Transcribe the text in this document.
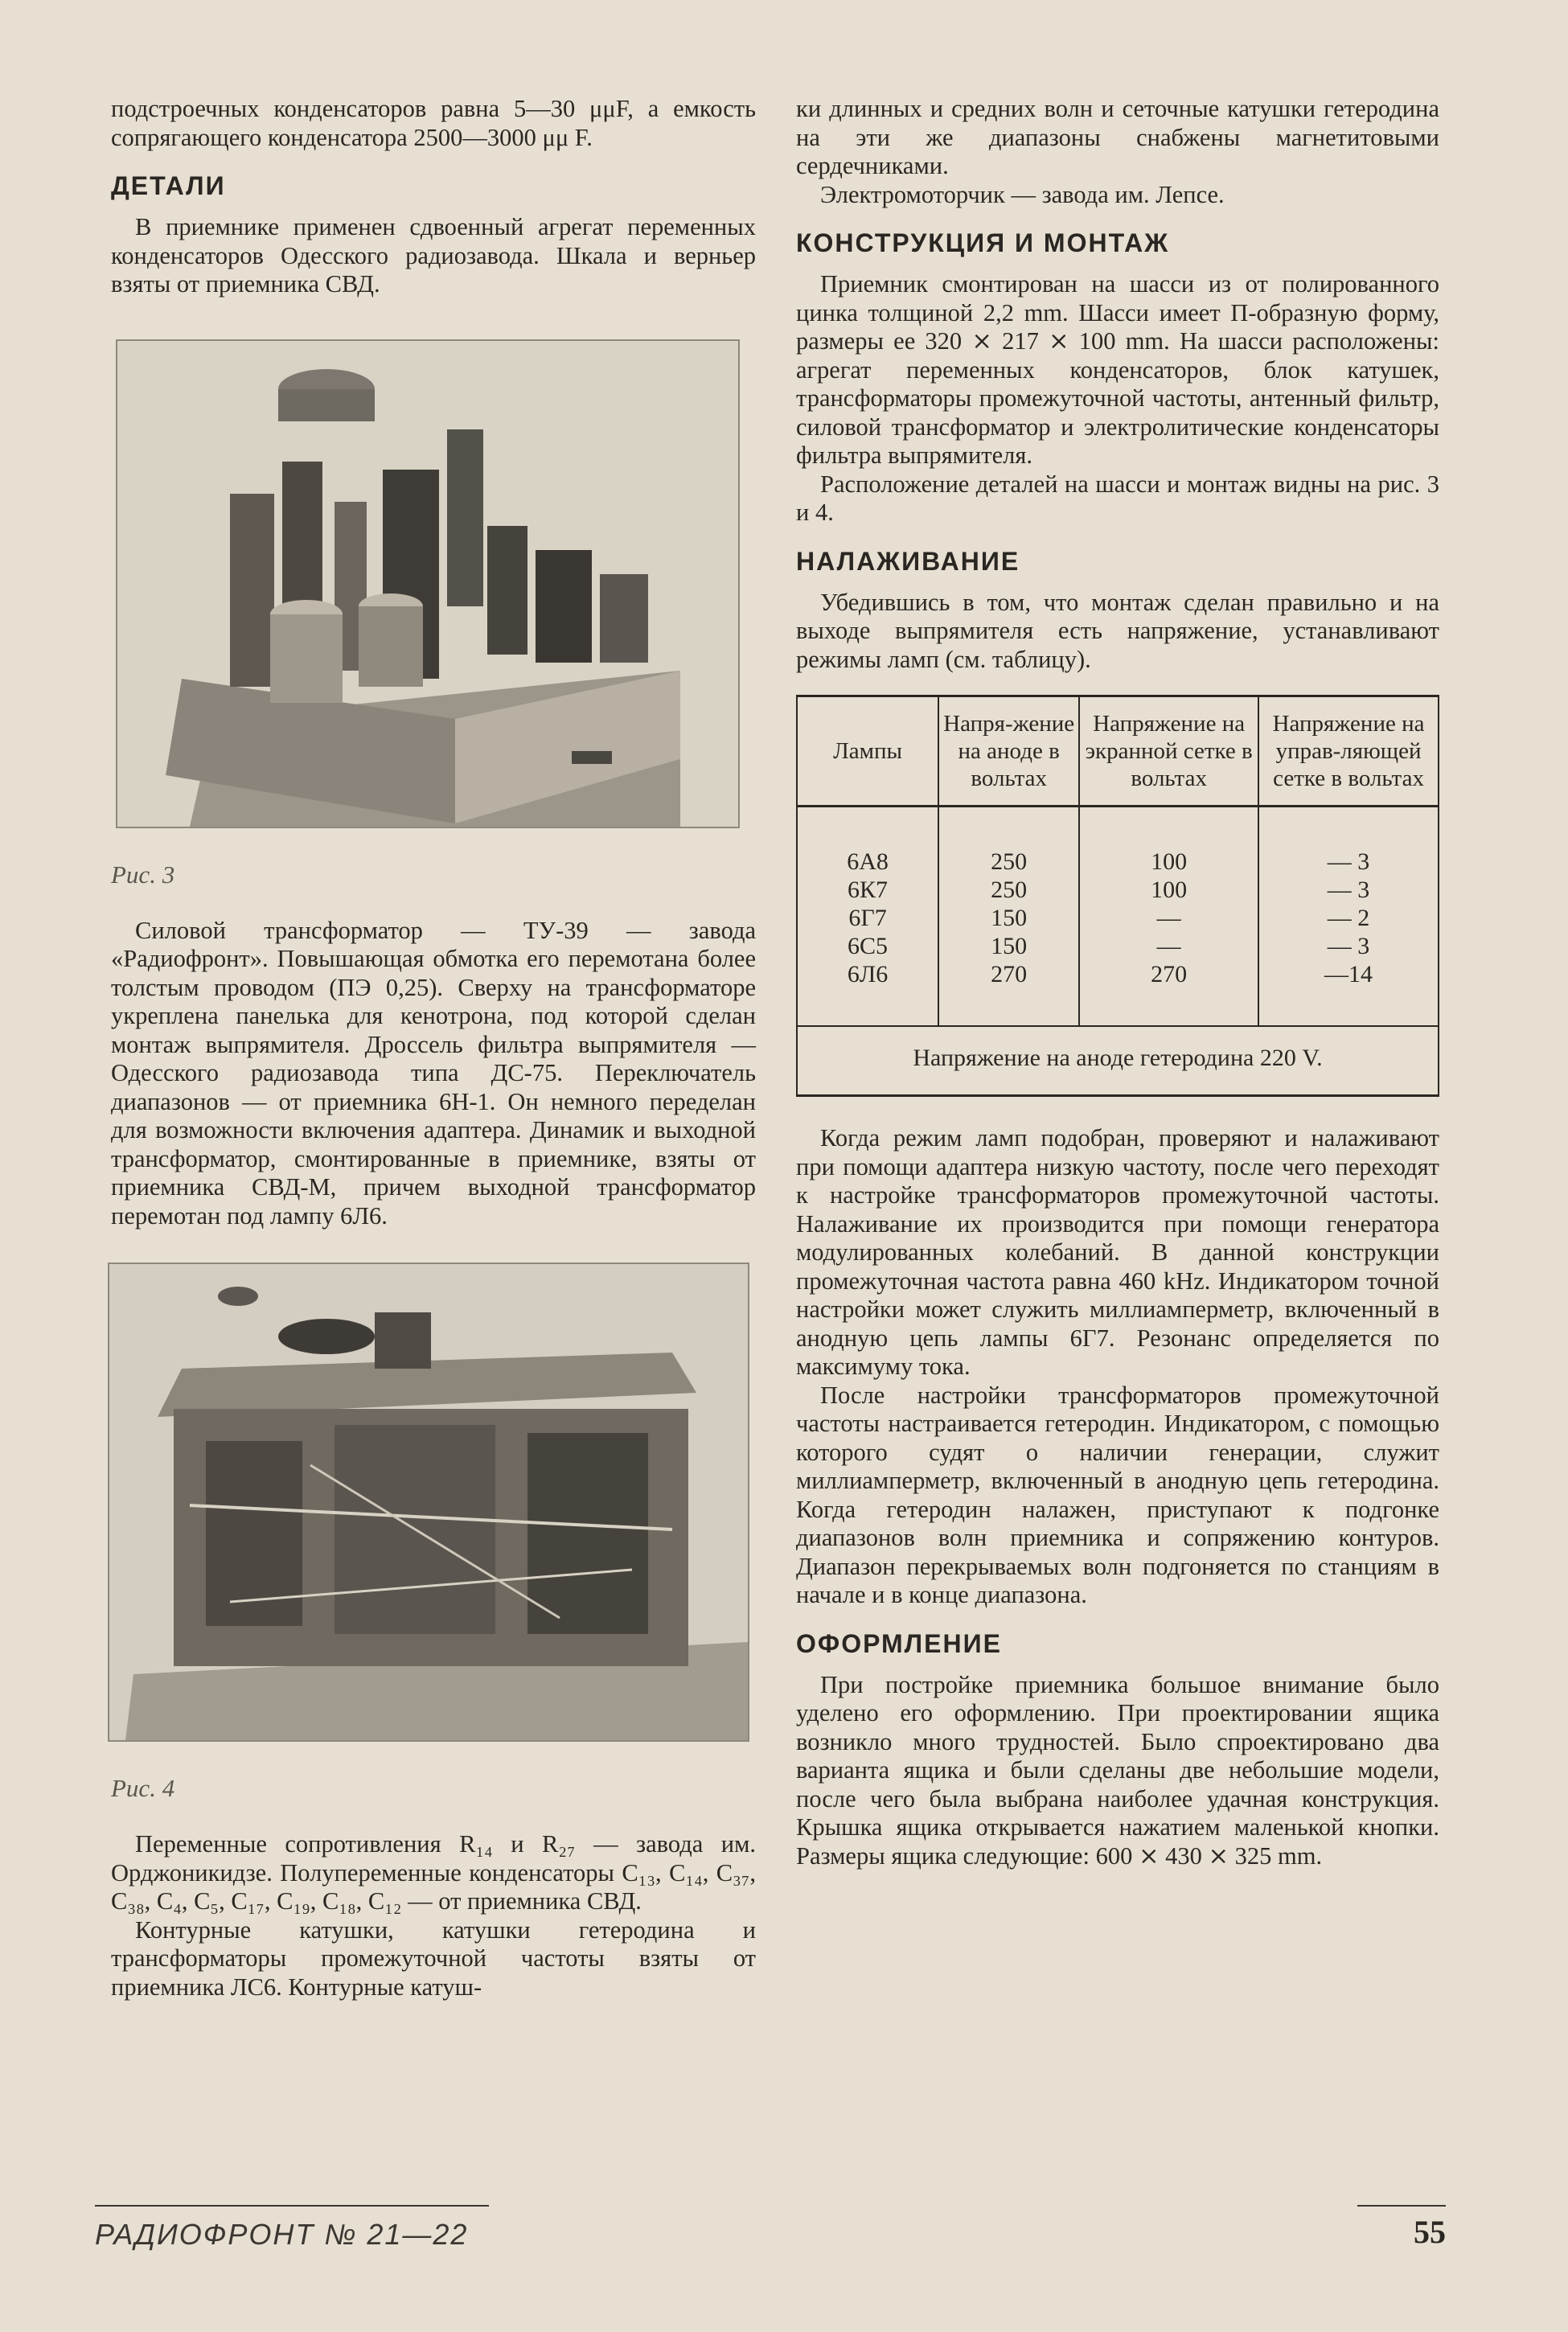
подстроечных конденсаторов равна 5—30 μμF, а емкость сопрягающего конденсатора 2500—3000 μμ F.

ДЕТАЛИ

В приемнике применен сдвоенный агрегат переменных конденсаторов Одесского радиозавода. Шкала и верньер взяты от приемника СВД.

Рис. 3

Силовой трансформатор — ТУ-39 — завода «Радиофронт». Повышающая обмотка его перемотана более толстым проводом (ПЭ 0,25). Сверху на трансформаторе укреплена панелька для кенотрона, под которой сделан монтаж выпрямителя. Дроссель фильтра выпрямителя — Одесского радиозавода типа ДС-75. Переключатель диапазонов — от приемника 6Н-1. Он немного переделан для возможности включения адаптера. Динамик и выходной трансформатор, смонтированные в приемнике, взяты от приемника СВД-М, причем выходной трансформатор перемотан под лампу 6Л6.

Рис. 4

Переменные сопротивления R₁₄ и R₂₇ — завода им. Орджоникидзе. Полупеременные конденсаторы C₁₃, C₁₄, C₃₇, C₃₈, C₄, C₅, C₁₇, C₁₉, C₁₈, C₁₂ — от приемника СВД.

Контурные катушки, катушки гетеродина и трансформаторы промежуточной частоты взяты от приемника ЛС6. Контурные катуш-

ки длинных и средних волн и сеточные катушки гетеродина на эти же диапазоны снабжены магнетитовыми сердечниками.

Электромоторчик — завода им. Лепсе.

КОНСТРУКЦИЯ И МОНТАЖ

Приемник смонтирован на шасси из от полированного цинка толщиной 2,2 mm. Шасси имеет П-образную форму, размеры ее 320 ⨯ 217 ⨯ 100 mm. На шасси расположены: агрегат переменных конденсаторов, блок катушек, трансформаторы промежуточной частоты, антенный фильтр, силовой трансформатор и электролитические конденсаторы фильтра выпрямителя.

Расположение деталей на шасси и монтаж видны на рис. 3 и 4.

НАЛАЖИВАНИЕ

Убедившись в том, что монтаж сделан правильно и на выходе выпрямителя есть напряжение, устанавливают режимы ламп (см. таблицу).

Лампы	Напря-жение на аноде в вольтах	Напряжение на экранной сетке в вольтах	Напряжение на управ-ляющей сетке в вольтах
6А8	250	100	— 3
6К7	250	100	— 3
6Г7	150	—	— 2
6С5	150	—	— 3
6Л6	270	270	—14
Напряжение на аноде гетеродина 220 V.

Когда режим ламп подобран, проверяют и налаживают при помощи адаптера низкую частоту, после чего переходят к настройке трансформаторов промежуточной частоты. Налаживание их производится при помощи генератора модулированных колебаний. В данной конструкции промежуточная частота равна 460 kHz. Индикатором точной настройки может служить миллиамперметр, включенный в анодную цепь лампы 6Г7. Резонанс определяется по максимуму тока.

После настройки трансформаторов промежуточной частоты настраивается гетеродин. Индикатором, с помощью которого судят о наличии генерации, служит миллиамперметр, включенный в анодную цепь гетеродина. Когда гетеродин налажен, приступают к подгонке диапазонов волн приемника и сопряжению контуров. Диапазон перекрываемых волн подгоняется по станциям в начале и в конце диапазона.

ОФОРМЛЕНИЕ

При постройке приемника большое внимание было уделено его оформлению. При проектировании ящика возникло много трудностей. Было спроектировано два варианта ящика и были сделаны две небольшие модели, после чего была выбрана наиболее удачная конструкция. Крышка ящика открывается нажатием маленькой кнопки. Размеры ящика следующие: 600 ⨯ 430 ⨯ 325 mm.

РАДИОФРОНТ № 21—22	55
